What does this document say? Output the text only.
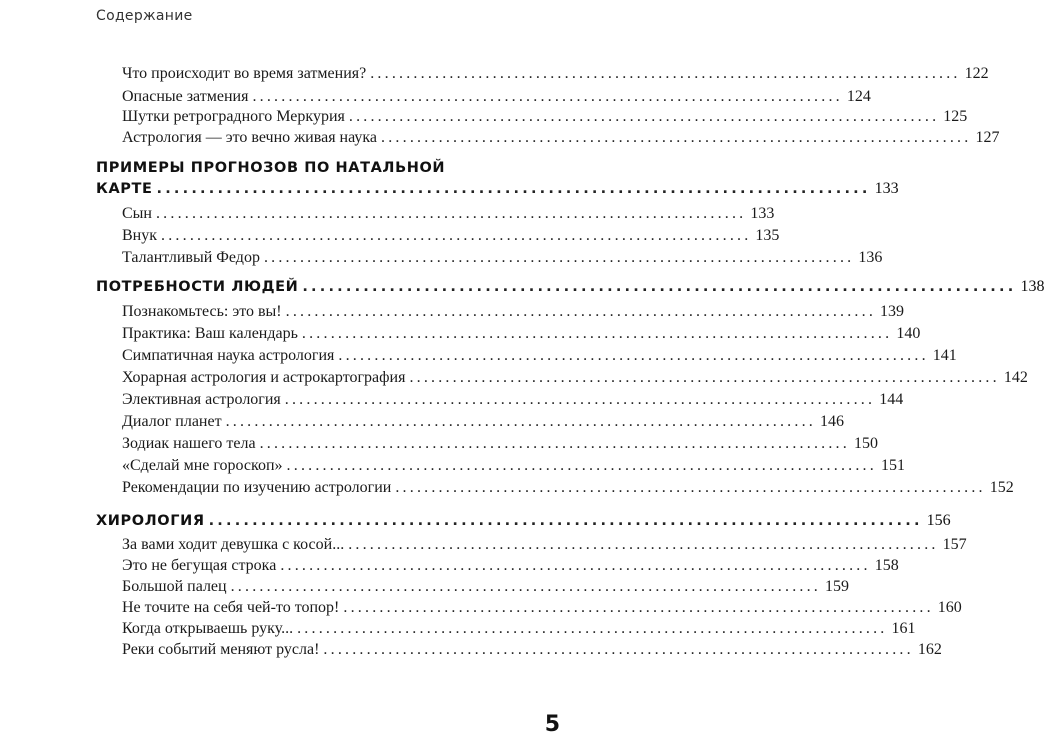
Содержание
Что происходит во время затмения? .................................................................................. 122
Опасные затмения .................................................................................. 124
Шутки ретроградного Меркурия .................................................................................. 125
Астрология — это вечно живая наука .................................................................................. 127
ПРИМЕРЫ ПРОГНОЗОВ ПО НАТАЛЬНОЙ
КАРТЕ .................................................................................. 133
Сын .................................................................................. 133
Внук .................................................................................. 135
Талантливый Федор .................................................................................. 136
ПОТРЕБНОСТИ ЛЮДЕЙ .................................................................................. 138
Познакомьтесь: это вы! .................................................................................. 139
Практика: Ваш календарь .................................................................................. 140
Симпатичная наука астрология .................................................................................. 141
Хорарная астрология и астрокартография .................................................................................. 142
Элективная астрология .................................................................................. 144
Диалог планет .................................................................................. 146
Зодиак нашего тела .................................................................................. 150
«Сделай мне гороскоп» .................................................................................. 151
Рекомендации по изучению астрологии .................................................................................. 152
ХИРОЛОГИЯ .................................................................................. 156
За вами ходит девушка с косой... .................................................................................. 157
Это не бегущая строка .................................................................................. 158
Большой палец .................................................................................. 159
Не точите на себя чей-то топор! .................................................................................. 160
Когда открываешь руку... .................................................................................. 161
Реки событий меняют русла! .................................................................................. 162
5
